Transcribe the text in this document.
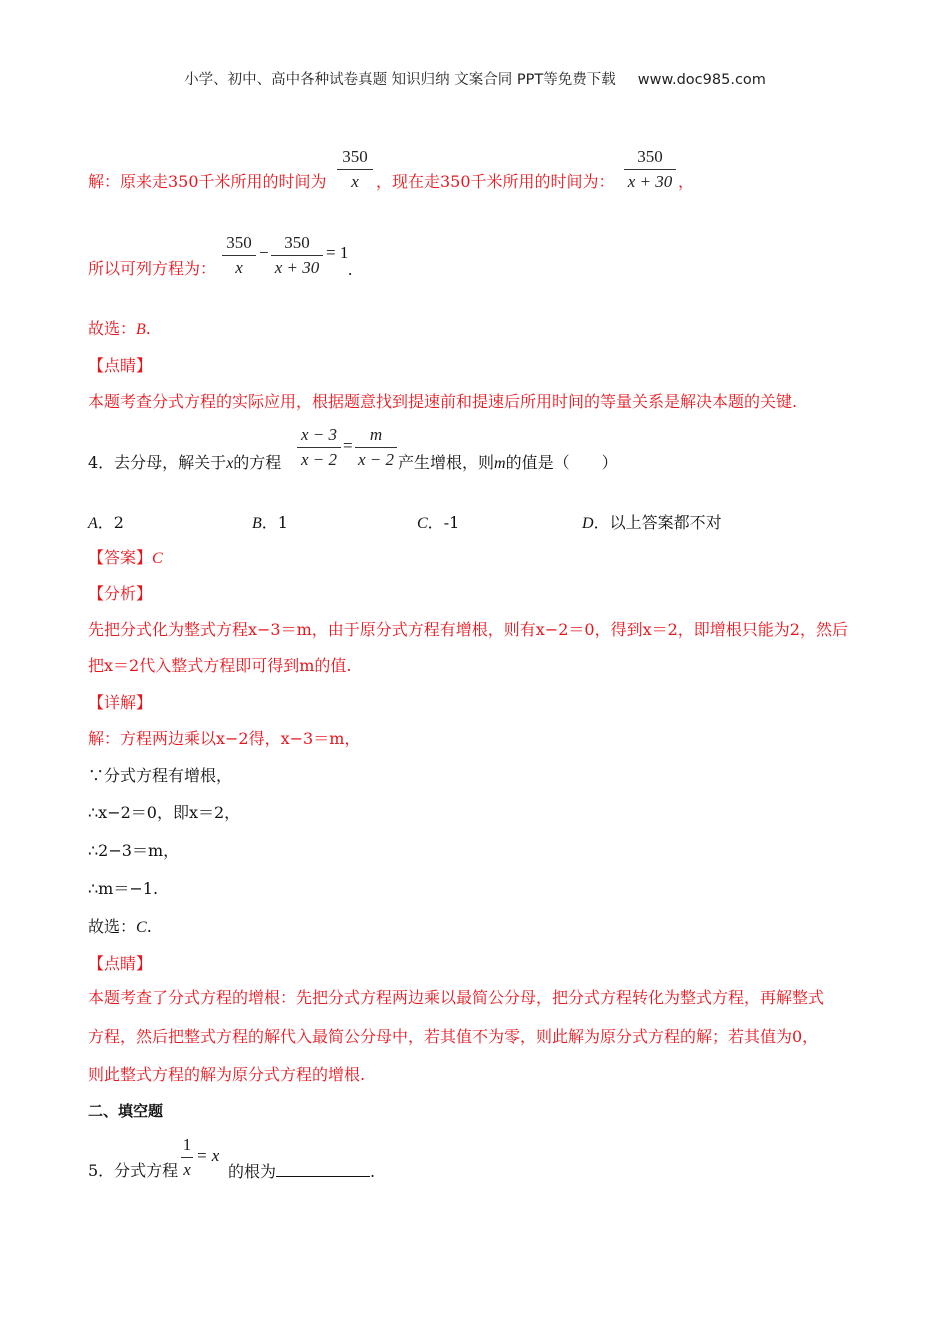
小学、初中、高中各种试卷真题 知识归纳 文案合同 PPT等免费下载 www.doc985.com
解：原来走350千米所用的时间为
350
x	，现在走350千米所用的时间为：
350
x + 30 ，
所以可列方程为：
350
x
−
350
x + 30
= 1
.
故选：B.
【点睛】
本题考查分式方程的实际应用，根据题意找到提速前和提速后所用时间的等量关系是解决本题的关键.
4．去分母，解关于x的方程
x − 3
x − 2
=
m
x − 2 产生增根，则m的值是（　　）
A．2	B．1	C．-1	D．以上答案都不对
【答案】C
【分析】
先把分式化为整式方程x−3＝m，由于原分式方程有增根，则有x−2＝0，得到x＝2，即增根只能为2，然后
把x＝2代入整式方程即可得到m的值.
【详解】
解：方程两边乘以x−2得，x−3＝m，
∵分式方程有增根，
∴x−2＝0，即x＝2，
∴2−3＝m，
∴m＝−1.
故选：C.
【点睛】
本题考查了分式方程的增根：先把分式方程两边乘以最简公分母，把分式方程转化为整式方程，再解整式
方程，然后把整式方程的解代入最简公分母中，若其值不为零，则此解为原分式方程的解；若其值为0，
则此整式方程的解为原分式方程的增根.
二、填空题
5．分式方程
1
x
= x
的根为	.
